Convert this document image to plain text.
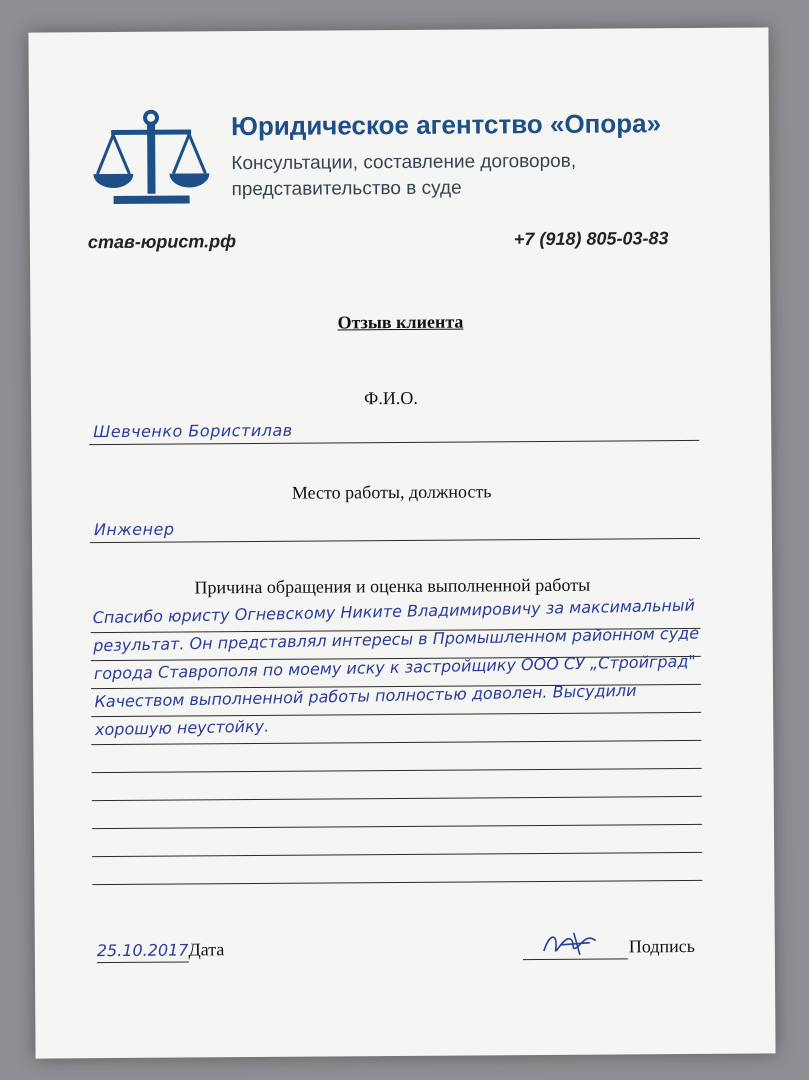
Юридическое агентство «Опора»
Консультации, составление договоров, представительство в суде
став-юрист.рф	+7 (918) 805-03-83
Отзыв клиента
Ф.И.О.
Шевченко Бористилав
Место работы, должность
Инженер
Причина обращения и оценка выполненной работы
Спасибо юристу Огневскому Никите Владимировичу за максимальный результат. Он представлял интересы в Промышленном районном суде города Ставрополя по моему иску к застройщику ООО СУ „Стройград" Качеством выполненной работы полностью доволен. Высудили хорошую неустойку.
25.10.2017Дата	Подпись
